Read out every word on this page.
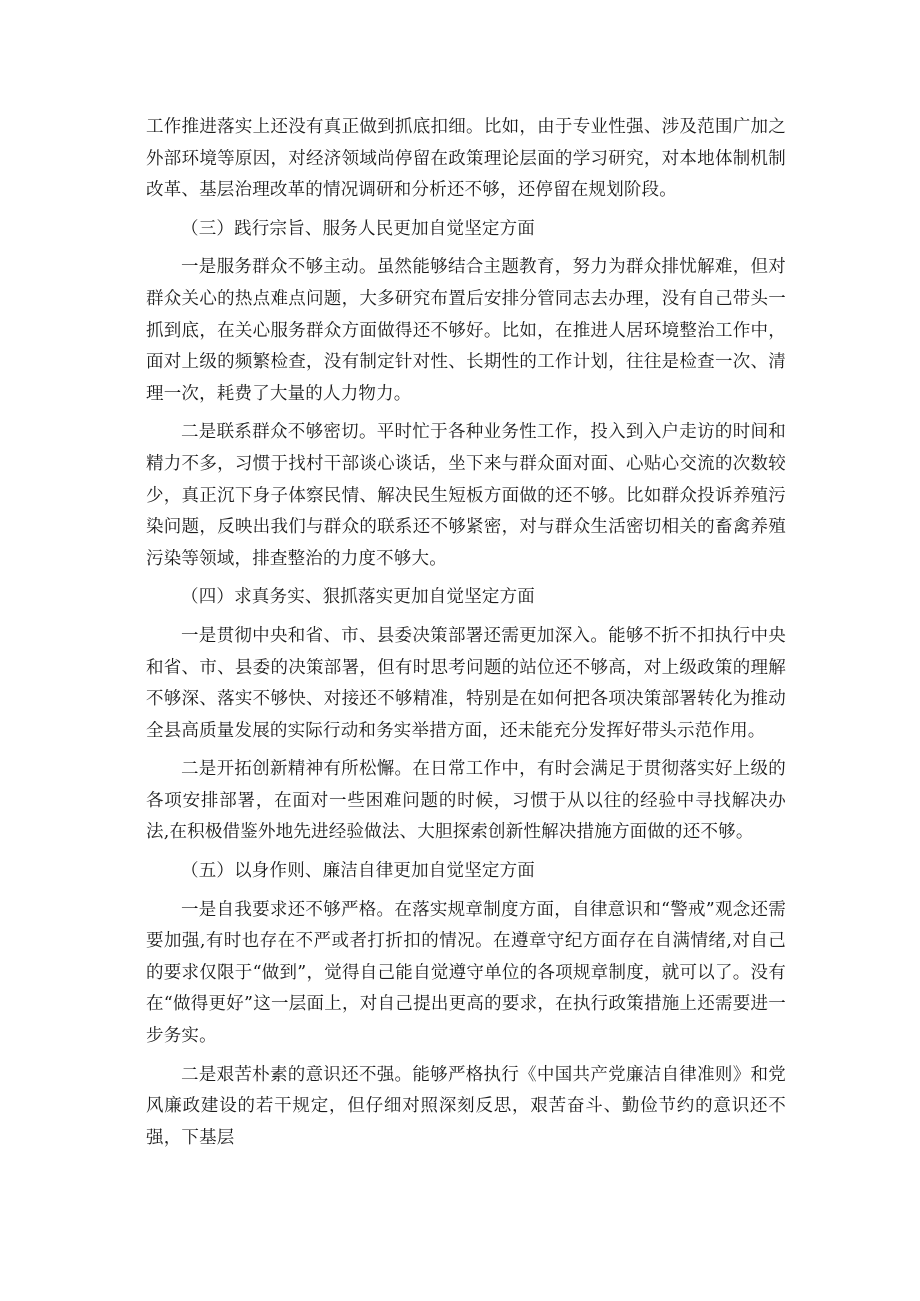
工作推进落实上还没有真正做到抓底扣细。比如，由于专业性强、涉及范围广加之外部环境等原因，对经济领域尚停留在政策理论层面的学习研究，对本地体制机制改革、基层治理改革的情况调研和分析还不够，还停留在规划阶段。

（三）践行宗旨、服务人民更加自觉坚定方面

一是服务群众不够主动。虽然能够结合主题教育，努力为群众排忧解难，但对群众关心的热点难点问题，大多研究布置后安排分管同志去办理，没有自己带头一抓到底，在关心服务群众方面做得还不够好。比如，在推进人居环境整治工作中，面对上级的频繁检查，没有制定针对性、长期性的工作计划，往往是检查一次、清理一次，耗费了大量的人力物力。

二是联系群众不够密切。平时忙于各种业务性工作，投入到入户走访的时间和精力不多，习惯于找村干部谈心谈话，坐下来与群众面对面、心贴心交流的次数较少，真正沉下身子体察民情、解决民生短板方面做的还不够。比如群众投诉养殖污染问题，反映出我们与群众的联系还不够紧密，对与群众生活密切相关的畜禽养殖污染等领域，排查整治的力度不够大。

（四）求真务实、狠抓落实更加自觉坚定方面

一是贯彻中央和省、市、县委决策部署还需更加深入。能够不折不扣执行中央和省、市、县委的决策部署，但有时思考问题的站位还不够高，对上级政策的理解不够深、落实不够快、对接还不够精准，特别是在如何把各项决策部署转化为推动全县高质量发展的实际行动和务实举措方面，还未能充分发挥好带头示范作用。

二是开拓创新精神有所松懈。在日常工作中，有时会满足于贯彻落实好上级的各项安排部署，在面对一些困难问题的时候，习惯于从以往的经验中寻找解决办法,在积极借鉴外地先进经验做法、大胆探索创新性解决措施方面做的还不够。

（五）以身作则、廉洁自律更加自觉坚定方面

一是自我要求还不够严格。在落实规章制度方面，自律意识和“警戒”观念还需要加强,有时也存在不严或者打折扣的情况。在遵章守纪方面存在自满情绪,对自己的要求仅限于“做到”，觉得自己能自觉遵守单位的各项规章制度，就可以了。没有在“做得更好”这一层面上，对自己提出更高的要求，在执行政策措施上还需要进一步务实。

二是艰苦朴素的意识还不强。能够严格执行《中国共产党廉洁自律准则》和党风廉政建设的若干规定，但仔细对照深刻反思，艰苦奋斗、勤俭节约的意识还不强，下基层
